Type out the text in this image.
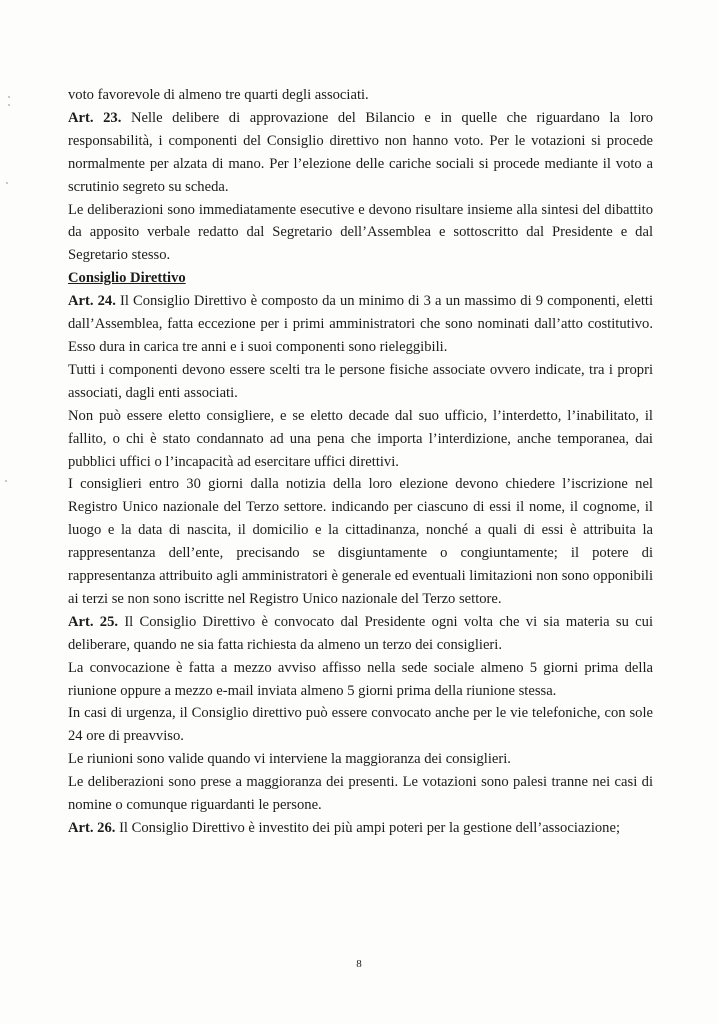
voto favorevole di almeno tre quarti degli associati.

Art. 23. Nelle delibere di approvazione del Bilancio e in quelle che riguardano la loro responsabilità, i componenti del Consiglio direttivo non hanno voto. Per le votazioni si procede normalmente per alzata di mano. Per l’elezione delle cariche sociali si procede mediante il voto a scrutinio segreto su scheda.

Le deliberazioni sono immediatamente esecutive e devono risultare insieme alla sintesi del dibattito da apposito verbale redatto dal Segretario dell’Assemblea e sottoscritto dal Presidente e dal Segretario stesso.

Consiglio Direttivo

Art. 24. Il Consiglio Direttivo è composto da un minimo di 3 a un massimo di 9 componenti, eletti dall’Assemblea, fatta eccezione per i primi amministratori che sono nominati dall’atto costitutivo. Esso dura in carica tre anni e i suoi componenti sono rieleggibili.

Tutti i componenti devono essere scelti tra le persone fisiche associate ovvero indicate, tra i propri associati, dagli enti associati.

Non può essere eletto consigliere, e se eletto decade dal suo ufficio, l’interdetto, l’inabilitato, il fallito, o chi è stato condannato ad una pena che importa l’interdizione, anche temporanea, dai pubblici uffici o l’incapacità ad esercitare uffici direttivi.

I consiglieri entro 30 giorni dalla notizia della loro elezione devono chiedere l’iscrizione nel Registro Unico nazionale del Terzo settore. indicando per ciascuno di essi il nome, il cognome, il luogo e la data di nascita, il domicilio e la cittadinanza, nonché a quali di essi è attribuita la rappresentanza dell’ente, precisando se disgiuntamente o congiuntamente; il potere di rappresentanza attribuito agli amministratori è generale ed eventuali limitazioni non sono opponibili ai terzi se non sono iscritte nel Registro Unico nazionale del Terzo settore.

Art. 25. Il Consiglio Direttivo è convocato dal Presidente ogni volta che vi sia materia su cui deliberare, quando ne sia fatta richiesta da almeno un terzo dei consiglieri.

La convocazione è fatta a mezzo avviso affisso nella sede sociale almeno 5 giorni prima della riunione oppure a mezzo e-mail inviata almeno 5 giorni prima della riunione stessa.

In casi di urgenza, il Consiglio direttivo può essere convocato anche per le vie telefoniche, con sole 24 ore di preavviso.

Le riunioni sono valide quando vi interviene la maggioranza dei consiglieri.

Le deliberazioni sono prese a maggioranza dei presenti. Le votazioni sono palesi tranne nei casi di nomine o comunque riguardanti le persone.

Art. 26. Il Consiglio Direttivo è investito dei più ampi poteri per la gestione dell’associazione;

8
